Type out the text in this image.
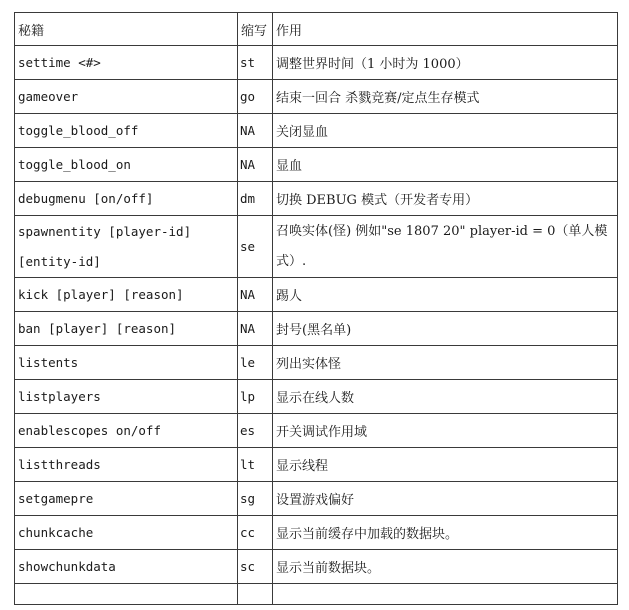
秘籍	缩写	作用
settime <#>	st	调整世界时间（1 小时为 1000）
gameover	go	结束一回合 杀戮竞赛/定点生存模式
toggle_blood_off	NA	关闭显血
toggle_blood_on	NA	显血
debugmenu [on/off]	dm	切换 DEBUG 模式（开发者专用）
spawnentity [player-id] [entity-id]	se	召唤实体(怪) 例如"se 1807 20" player-id = 0（单人模式）.
kick [player] [reason]	NA	踢人
ban [player] [reason]	NA	封号(黑名单)
listents	le	列出实体怪
listplayers	lp	显示在线人数
enablescopes on/off	es	开关调试作用域
listthreads	lt	显示线程
setgamepre	sg	设置游戏偏好
chunkcache	cc	显示当前缓存中加载的数据块。
showchunkdata	sc	显示当前数据块。
